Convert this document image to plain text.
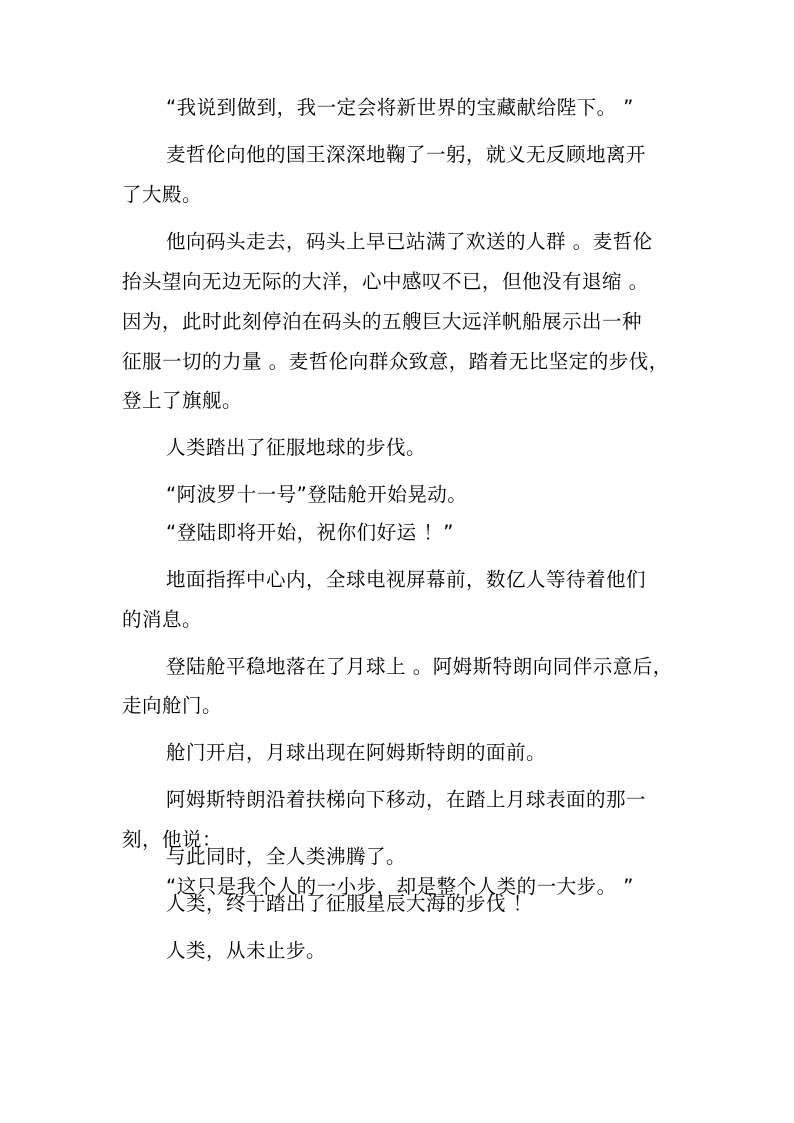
“我说到做到，我一定会将新世界的宝藏献给陛下。 ”
麦哲伦向他的国王深深地鞠了一躬，就义无反顾地离开
了大殿。
他向码头走去，码头上早已站满了欢送的人群 。麦哲伦
抬头望向无边无际的大洋，心中感叹不已，但他没有退缩 。
因为，此时此刻停泊在码头的五艘巨大远洋帆船展示出一种
征服一切的力量 。麦哲伦向群众致意，踏着无比坚定的步伐，
登上了旗舰。
人类踏出了征服地球的步伐。
“阿波罗十一号”登陆舱开始晃动。
“登陆即将开始，祝你们好运 ！”
地面指挥中心内，全球电视屏幕前，数亿人等待着他们
的消息。
登陆舱平稳地落在了月球上 。阿姆斯特朗向同伴示意后，
走向舱门。
舱门开启，月球出现在阿姆斯特朗的面前。
阿姆斯特朗沿着扶梯向下移动，在踏上月球表面的那一
刻，他说：
“这只是我个人的一小步，却是整个人类的一大步。 ”
与此同时，全人类沸腾了。
人类，终于踏出了征服星辰大海的步伐 ！
人类，从未止步。
